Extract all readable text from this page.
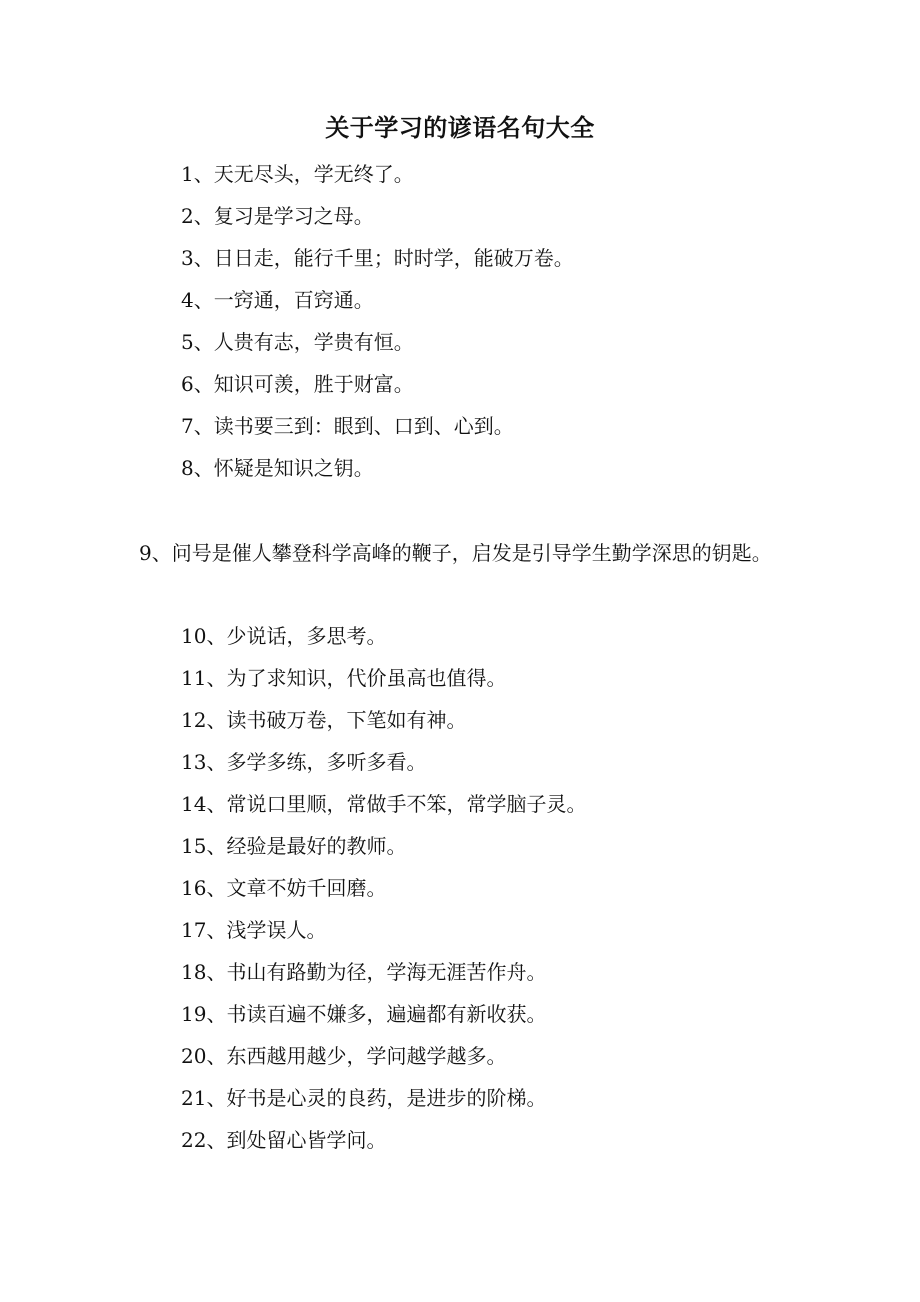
关于学习的谚语名句大全
1、天无尽头，学无终了。
2、复习是学习之母。
3、日日走，能行千里；时时学，能破万卷。
4、一窍通，百窍通。
5、人贵有志，学贵有恒。
6、知识可羡，胜于财富。
7、读书要三到：眼到、口到、心到。
8、怀疑是知识之钥。
9、问号是催人攀登科学高峰的鞭子，启发是引导学生勤学深思的钥匙。
10、少说话，多思考。
11、为了求知识，代价虽高也值得。
12、读书破万卷，下笔如有神。
13、多学多练，多听多看。
14、常说口里顺，常做手不笨，常学脑子灵。
15、经验是最好的教师。
16、文章不妨千回磨。
17、浅学误人。
18、书山有路勤为径，学海无涯苦作舟。
19、书读百遍不嫌多，遍遍都有新收获。
20、东西越用越少，学问越学越多。
21、好书是心灵的良药，是进步的阶梯。
22、到处留心皆学问。
